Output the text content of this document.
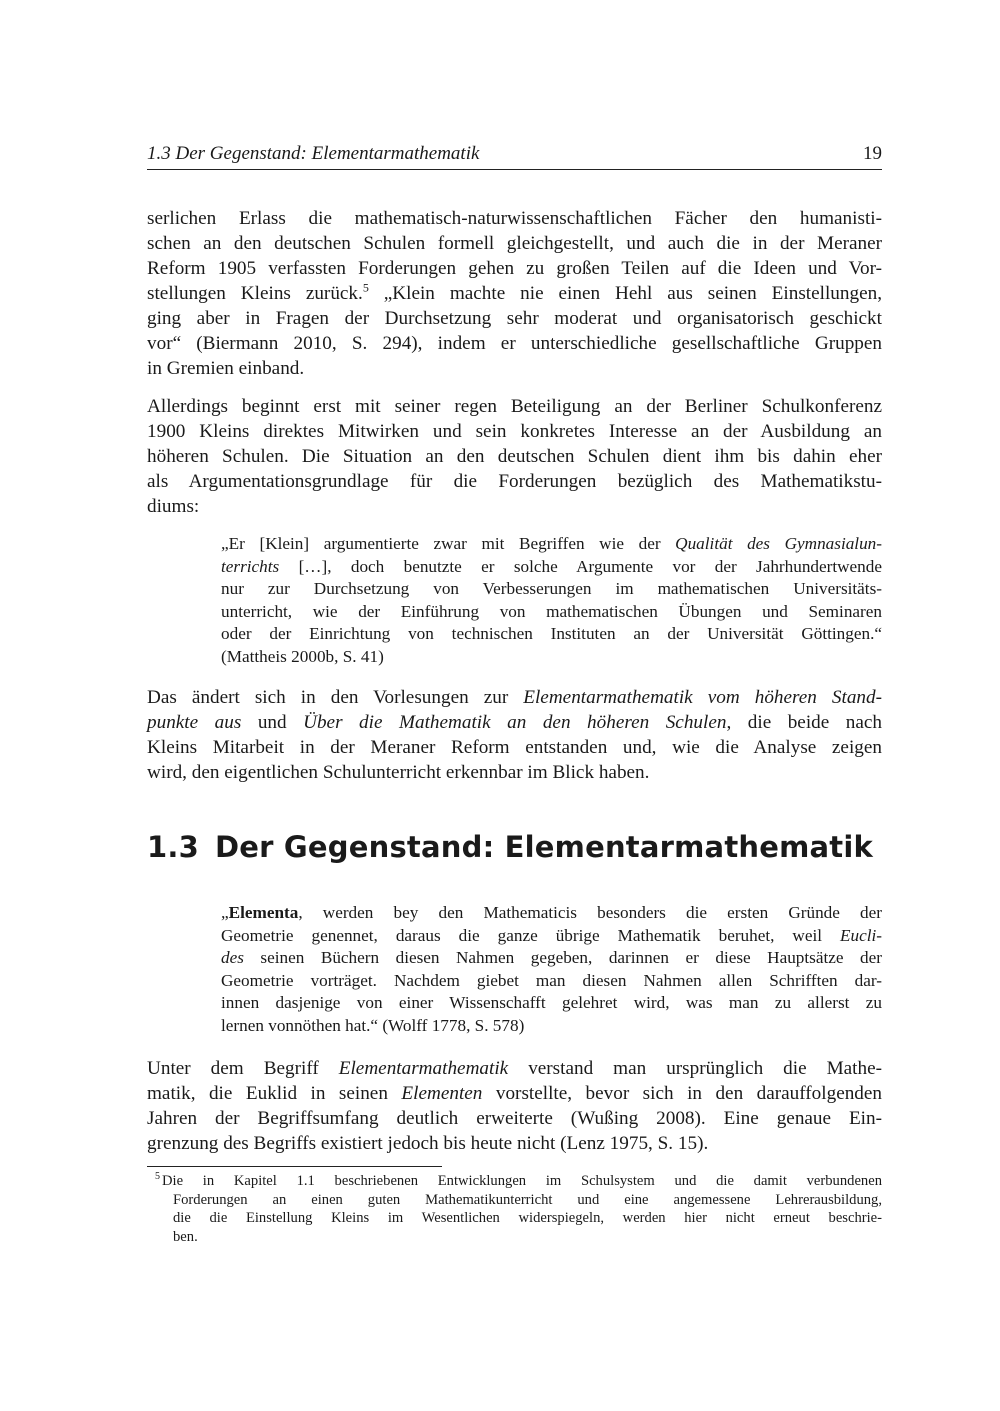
1.3 Der Gegenstand: Elementarmathematik	19
serlichen Erlass die mathematisch-naturwissenschaftlichen Fächer den humanisti-
schen an den deutschen Schulen formell gleichgestellt, und auch die in der Meraner
Reform 1905 verfassten Forderungen gehen zu großen Teilen auf die Ideen und Vor-
stellungen Kleins zurück.$^5$ „Klein machte nie einen Hehl aus seinen Einstellungen,
ging aber in Fragen der Durchsetzung sehr moderat und organisatorisch geschickt
vor“ (Biermann 2010, S. 294), indem er unterschiedliche gesellschaftliche Gruppen
in Gremien einband.
Allerdings beginnt erst mit seiner regen Beteiligung an der Berliner Schulkonferenz
1900 Kleins direktes Mitwirken und sein konkretes Interesse an der Ausbildung an
höheren Schulen. Die Situation an den deutschen Schulen dient ihm bis dahin eher
als Argumentationsgrundlage für die Forderungen bezüglich des Mathematikstu-
diums:
„Er [Klein] argumentierte zwar mit Begriffen wie der Qualität des Gymnasialun-
terrichts […], doch benutzte er solche Argumente vor der Jahrhundertwende
nur zur Durchsetzung von Verbesserungen im mathematischen Universitäts-
unterricht, wie der Einführung von mathematischen Übungen und Seminaren
oder der Einrichtung von technischen Instituten an der Universität Göttingen.“
(Mattheis 2000b, S. 41)
Das ändert sich in den Vorlesungen zur Elementarmathematik vom höheren Stand-
punkte aus und Über die Mathematik an den höheren Schulen, die beide nach
Kleins Mitarbeit in der Meraner Reform entstanden und, wie die Analyse zeigen
wird, den eigentlichen Schulunterricht erkennbar im Blick haben.
1.3 Der Gegenstand: Elementarmathematik
„Elementa, werden bey den Mathematicis besonders die ersten Gründe der
Geometrie genennet, daraus die ganze übrige Mathematik beruhet, weil Eucli-
des seinen Büchern diesen Nahmen gegeben, darinnen er diese Hauptsätze der
Geometrie vorträget. Nachdem giebet man diesen Nahmen allen Schrifften dar-
innen dasjenige von einer Wissenschafft gelehret wird, was man zu allerst zu
lernen vonnöthen hat.“ (Wolff 1778, S. 578)
Unter dem Begriff Elementarmathematik verstand man ursprünglich die Mathe-
matik, die Euklid in seinen Elementen vorstellte, bevor sich in den darauffolgenden
Jahren der Begriffsumfang deutlich erweiterte (Wußing 2008). Eine genaue Ein-
grenzung des Begriffs existiert jedoch bis heute nicht (Lenz 1975, S. 15).
$^5$ Die in Kapitel 1.1 beschriebenen Entwicklungen im Schulsystem und die damit verbundenen
Forderungen an einen guten Mathematikunterricht und eine angemessene Lehrerausbildung,
die die Einstellung Kleins im Wesentlichen widerspiegeln, werden hier nicht erneut beschrie-
ben.
